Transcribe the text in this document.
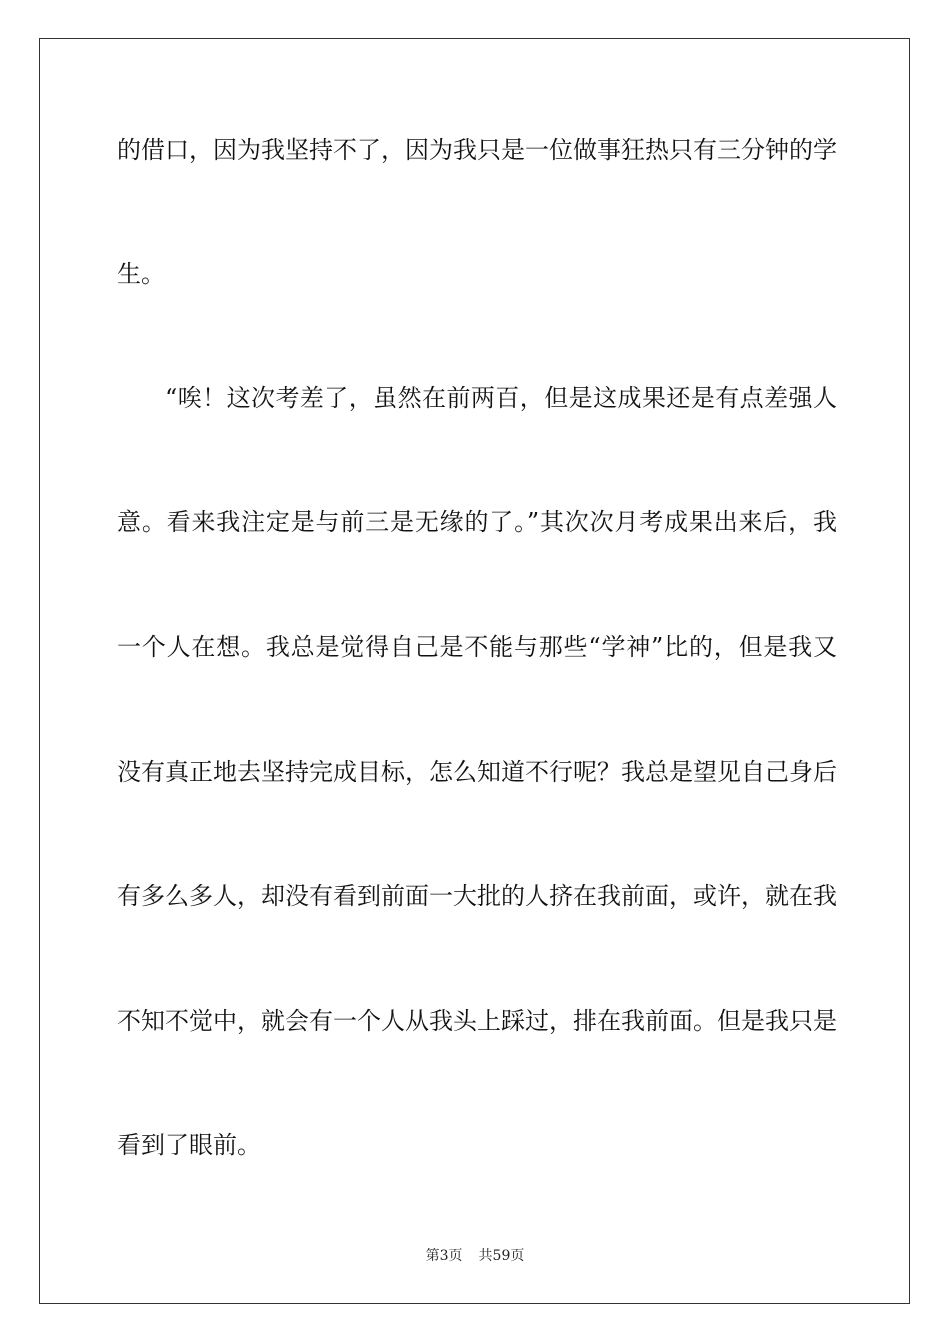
的借口，因为我坚持不了，因为我只是一位做事狂热只有三分钟的学
生。
“唉！这次考差了，虽然在前两百，但是这成果还是有点差强人
意。看来我注定是与前三是无缘的了。”其次次月考成果出来后，我
一个人在想。我总是觉得自己是不能与那些“学神”比的，但是我又
没有真正地去坚持完成目标，怎么知道不行呢？我总是望见自己身后
有多么多人，却没有看到前面一大批的人挤在我前面，或许，就在我
不知不觉中，就会有一个人从我头上踩过，排在我前面。但是我只是
看到了眼前。
第3页 共59页
